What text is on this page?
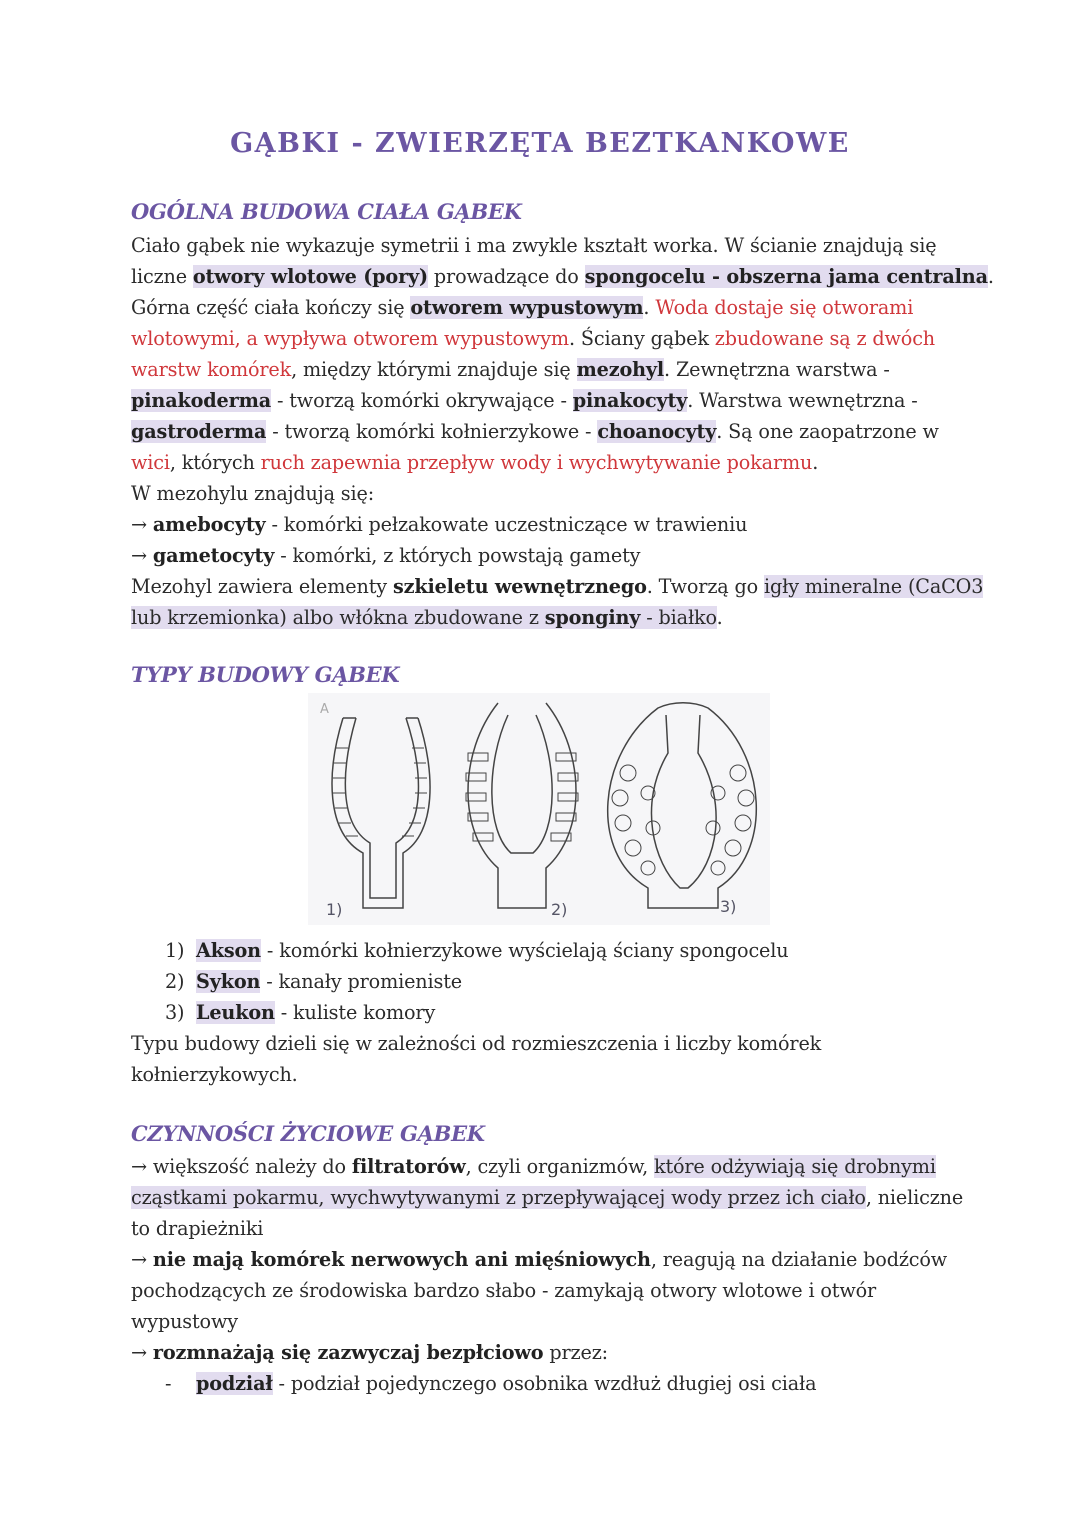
GĄBKI - ZWIERZĘTA BEZTKANKOWE
OGÓLNA BUDOWA CIAŁA GĄBEK
Ciało gąbek nie wykazuje symetrii i ma zwykle kształt worka. W ścianie znajdują się
liczne otwory wlotowe (pory) prowadzące do spongocelu - obszerna jama centralna.
Górna część ciała kończy się otworem wypustowym. Woda dostaje się otworami
wlotowymi, a wypływa otworem wypustowym. Ściany gąbek zbudowane są z dwóch
warstw komórek, między którymi znajduje się mezohyl. Zewnętrzna warstwa -
pinakoderma - tworzą komórki okrywające - pinakocyty. Warstwa wewnętrzna -
gastroderma - tworzą komórki kołnierzykowe - choanocyty. Są one zaopatrzone w
wici, których ruch zapewnia przepływ wody i wychwytywanie pokarmu.
W mezohylu znajdują się:
→ amebocyty - komórki pełzakowate uczestniczące w trawieniu
→ gametocyty - komórki, z których powstają gamety
Mezohyl zawiera elementy szkieletu wewnętrznego. Tworzą go igły mineralne (CaCO3
lub krzemionka) albo włókna zbudowane z sponginy - białko.
TYPY BUDOWY GĄBEK
A
1)	2)	3)
1) Akson - komórki kołnierzykowe wyścielają ściany spongocelu
2) Sykon - kanały promieniste
3) Leukon - kuliste komory
Typu budowy dzieli się w zależności od rozmieszczenia i liczby komórek
kołnierzykowych.
CZYNNOŚCI ŻYCIOWE GĄBEK
→ większość należy do filtratorów, czyli organizmów, które odżywiają się drobnymi
cząstkami pokarmu, wychwytywanymi z przepływającej wody przez ich ciało, nieliczne
to drapieżniki
→ nie mają komórek nerwowych ani mięśniowych, reagują na działanie bodźców
pochodzących ze środowiska bardzo słabo - zamykają otwory wlotowe i otwór
wypustowy
→ rozmnażają się zazwyczaj bezpłciowo przez:
- podział - podział pojedynczego osobnika wzdłuż długiej osi ciała
